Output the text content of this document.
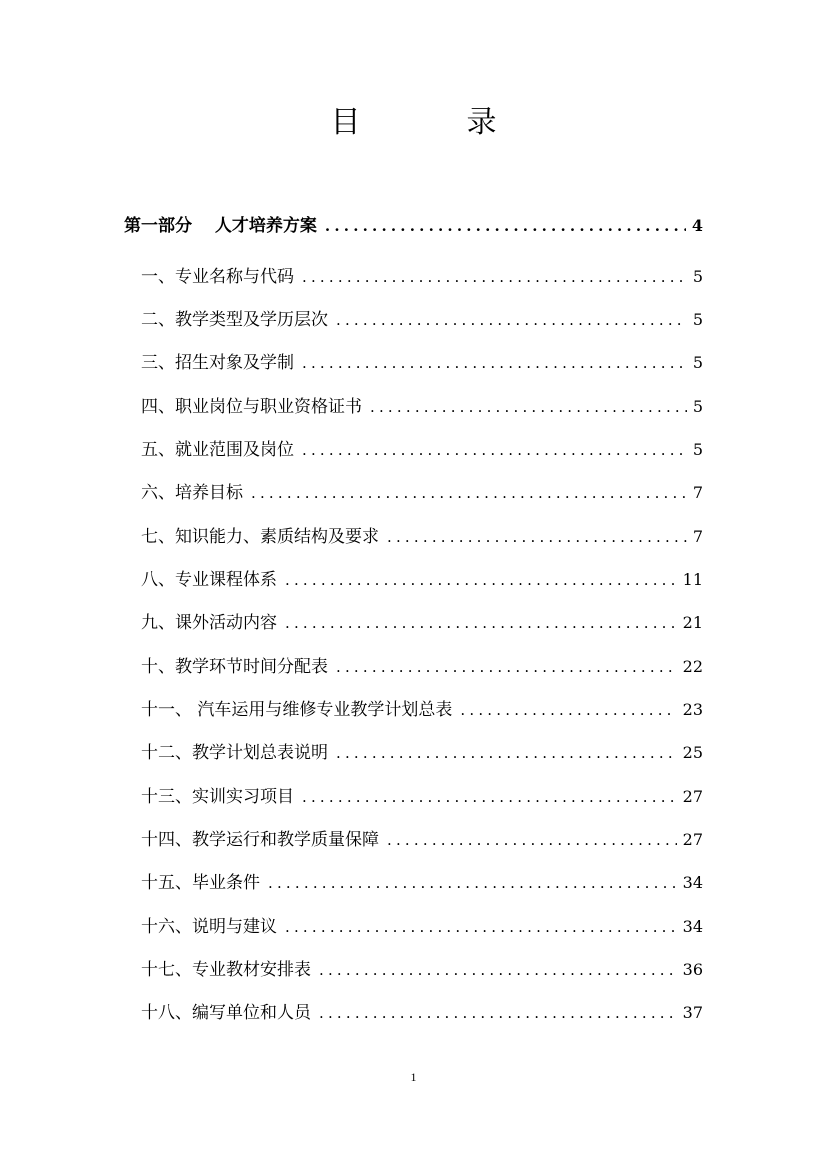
目　录
第一部分　 人才培养方案 .....	4
一、专业名称与代码 .....	5
二、教学类型及学历层次 .....	5
三、招生对象及学制 .....	5
四、职业岗位与职业资格证书 .....	5
五、就业范围及岗位 .....	5
六、培养目标 .....	7
七、知识能力、素质结构及要求 .....	7
八、专业课程体系 .....	11
九、课外活动内容 .....	21
十、教学环节时间分配表 .....	22
十一、 汽车运用与维修专业教学计划总表 .....	23
十二、教学计划总表说明 .....	25
十三、实训实习项目 .....	27
十四、教学运行和教学质量保障 .....	27
十五、毕业条件 .....	34
十六、说明与建议 .....	34
十七、专业教材安排表 .....	36
十八、编写单位和人员 .....	37
1
